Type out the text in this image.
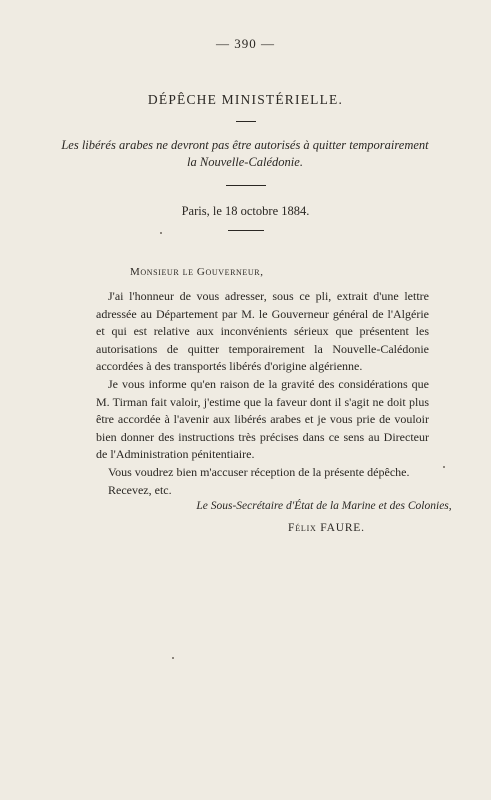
— 390 —
DÉPÊCHE MINISTÉRIELLE.
Les libérés arabes ne devront pas être autorisés à quitter temporairement la Nouvelle-Calédonie.
Paris, le 18 octobre 1884.
Monsieur le Gouverneur,

J'ai l'honneur de vous adresser, sous ce pli, extrait d'une lettre adressée au Département par M. le Gouverneur général de l'Algérie et qui est relative aux inconvénients sérieux que présentent les autorisations de quitter temporairement la Nouvelle-Calédonie accordées à des transportés libérés d'origine algérienne.

Je vous informe qu'en raison de la gravité des considérations que M. Tirman fait valoir, j'estime que la faveur dont il s'agit ne doit plus être accordée à l'avenir aux libérés arabes et je vous prie de vouloir bien donner des instructions très précises dans ce sens au Directeur de l'Administration pénitentiaire.

Vous voudrez bien m'accuser réception de la présente dépêche.

Recevez, etc.

Le Sous-Secrétaire d'État de la Marine et des Colonies,
Félix FAURE.
